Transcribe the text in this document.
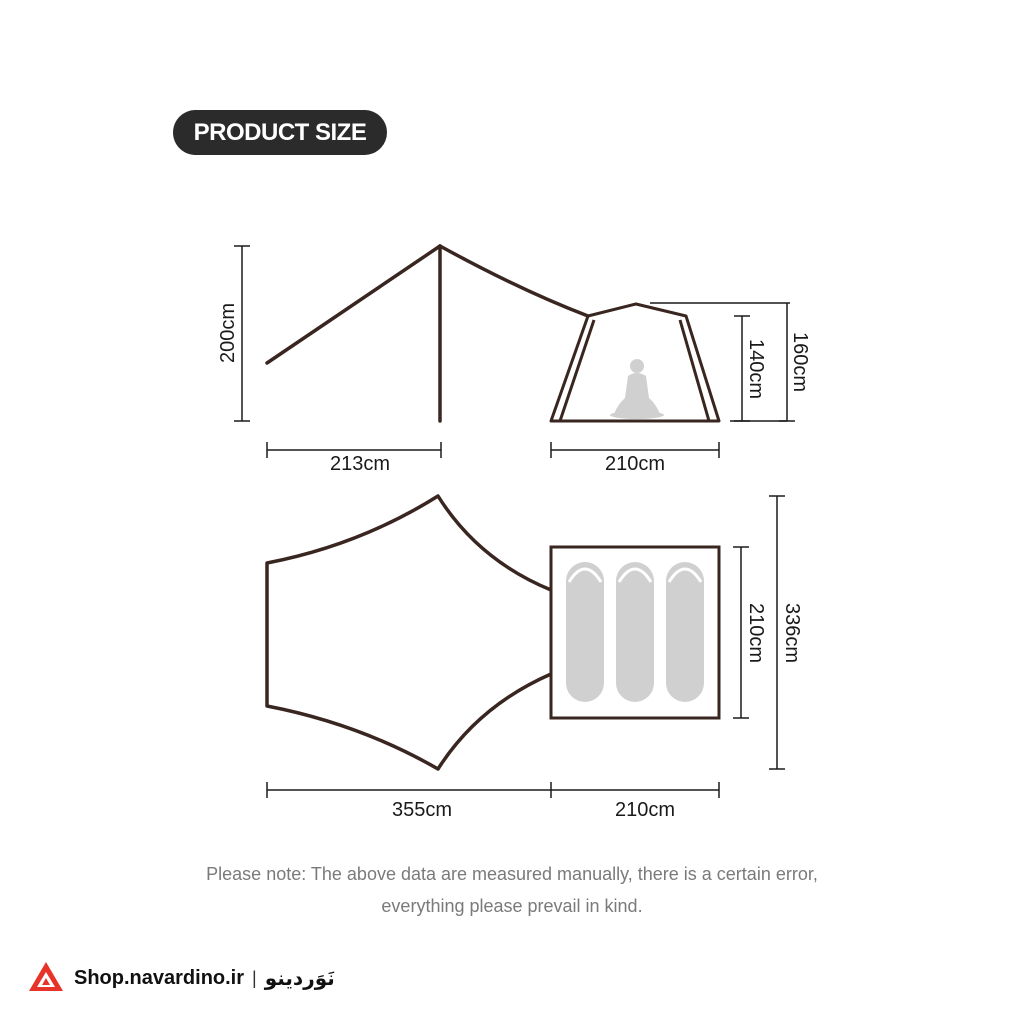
PRODUCT SIZE
200cm
213cm	210cm
140cm 160cm
355cm	210cm
210cm 336cm
Please note: The above data are measured manually, there is a certain error,
everything please prevail in kind.
Shop.navardino.ir | نَوَردینو
